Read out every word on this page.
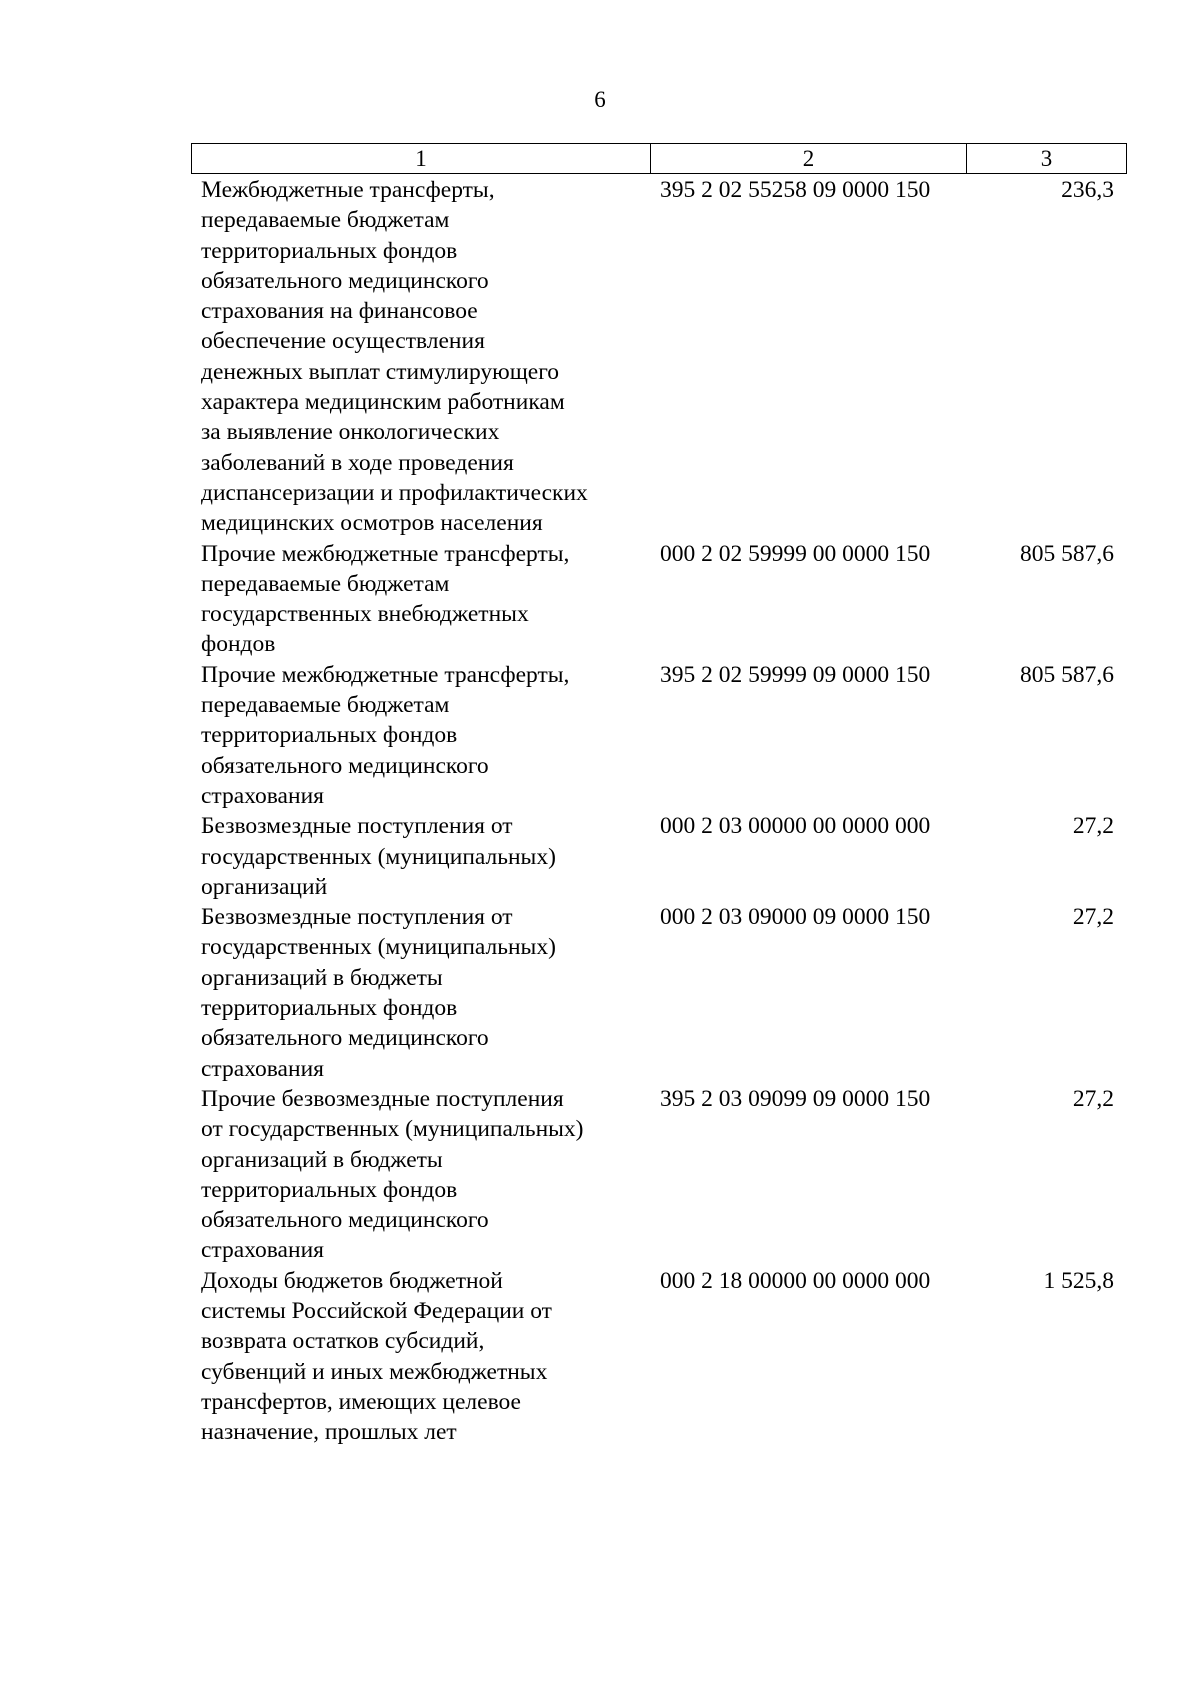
6
1	2	3
Межбюджетные трансферты,
передаваемые бюджетам
территориальных фондов
обязательного медицинского
страхования на финансовое
обеспечение осуществления
денежных выплат стимулирующего
характера медицинским работникам
за выявление онкологических
заболеваний в ходе проведения
диспансеризации и профилактических
медицинских осмотров населения
395 2 02 55258 09 0000 150	236,3
Прочие межбюджетные трансферты,
передаваемые бюджетам
государственных внебюджетных
фондов
000 2 02 59999 00 0000 150	805 587,6
Прочие межбюджетные трансферты,
передаваемые бюджетам
территориальных фондов
обязательного медицинского
страхования
395 2 02 59999 09 0000 150	805 587,6
Безвозмездные поступления от
государственных (муниципальных)
организаций
000 2 03 00000 00 0000 000	27,2
Безвозмездные поступления от
государственных (муниципальных)
организаций в бюджеты
территориальных фондов
обязательного медицинского
страхования
000 2 03 09000 09 0000 150	27,2
Прочие безвозмездные поступления
от государственных (муниципальных)
организаций в бюджеты
территориальных фондов
обязательного медицинского
страхования
395 2 03 09099 09 0000 150	27,2
Доходы бюджетов бюджетной
системы Российской Федерации от
возврата остатков субсидий,
субвенций и иных межбюджетных
трансфертов, имеющих целевое
назначение, прошлых лет
000 2 18 00000 00 0000 000	1 525,8
